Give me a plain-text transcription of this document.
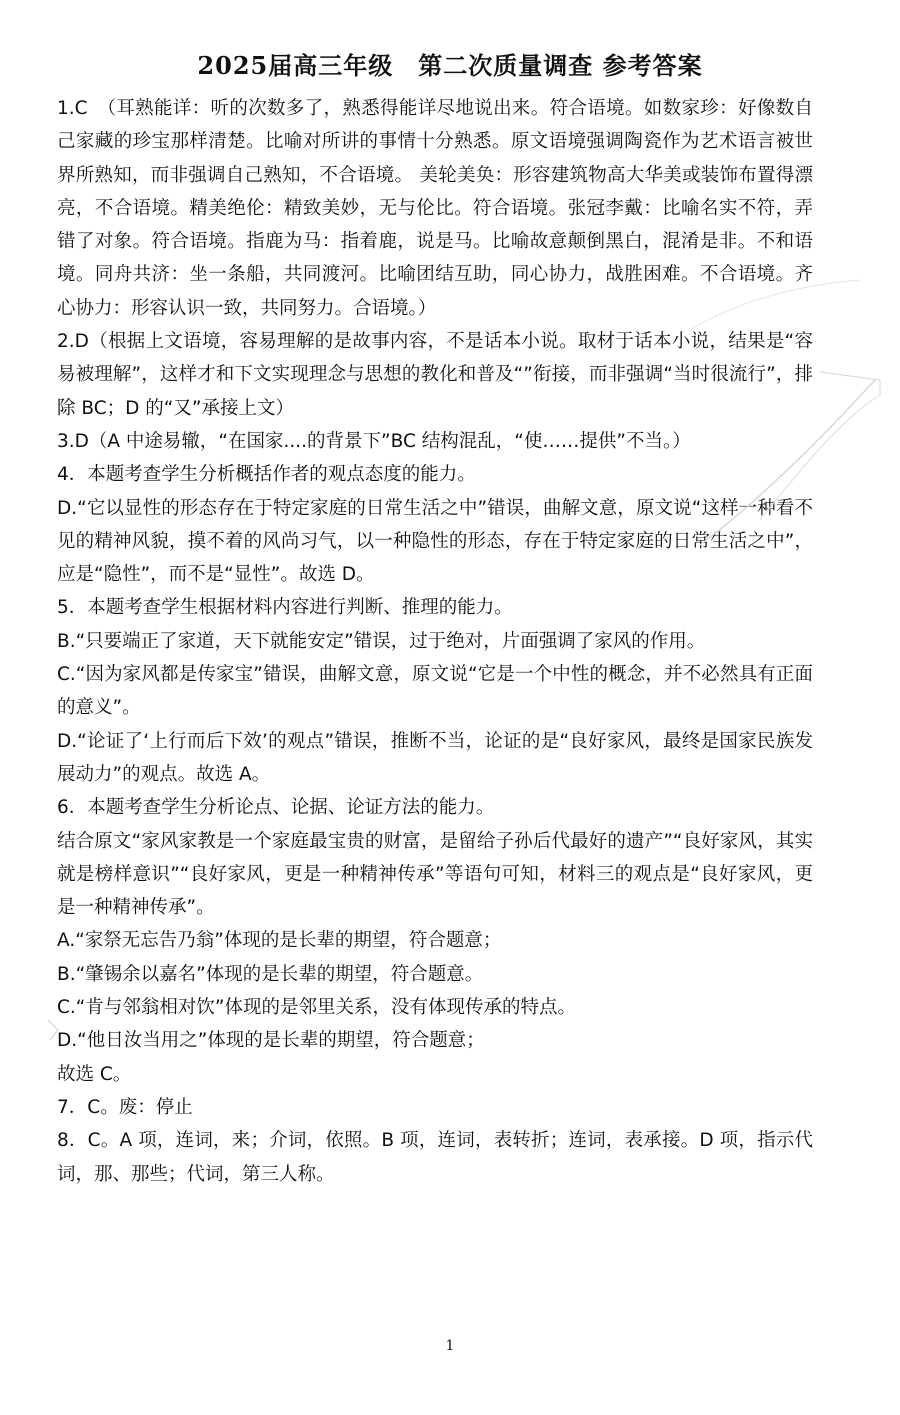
2025届高三年级　第二次质量调查 参考答案

1.C　（耳熟能详：听的次数多了，熟悉得能详尽地说出来。符合语境。如数家珍：好像数自己家藏的珍宝那样清楚。比喻对所讲的事情十分熟悉。原文语境强调陶瓷作为艺术语言被世界所熟知，而非强调自己熟知，不合语境。 美轮美奂：形容建筑物高大华美或装饰布置得漂亮，不合语境。精美绝伦：精致美妙，无与伦比。符合语境。张冠李戴：比喻名实不符，弄错了对象。符合语境。指鹿为马：指着鹿，说是马。比喻故意颠倒黑白，混淆是非。不和语境。同舟共济：坐一条船，共同渡河。比喻团结互助，同心协力，战胜困难。不合语境。齐心协力：形容认识一致，共同努力。合语境。）

2.D（根据上文语境，容易理解的是故事内容，不是话本小说。取材于话本小说，结果是“容易被理解”，这样才和下文实现理念与思想的教化和普及“”衔接，而非强调“当时很流行”，排除 BC；D 的“又”承接上文）

3.D（A 中途易辙，“在国家....的背景下”BC 结构混乱，“使……提供”不当。）

4．本题考查学生分析概括作者的观点态度的能力。

D.“它以显性的形态存在于特定家庭的日常生活之中”错误，曲解文意，原文说“这样一种看不见的精神风貌，摸不着的风尚习气，以一种隐性的形态，存在于特定家庭的日常生活之中”，应是“隐性”，而不是“显性”。故选 D。

5．本题考查学生根据材料内容进行判断、推理的能力。

B.“只要端正了家道，天下就能安定”错误，过于绝对，片面强调了家风的作用。

C.“因为家风都是传家宝”错误，曲解文意，原文说“它是一个中性的概念，并不必然具有正面的意义”。

D.“论证了‘上行而后下效’的观点”错误，推断不当，论证的是“良好家风，最终是国家民族发展动力”的观点。故选 A。

6．本题考查学生分析论点、论据、论证方法的能力。

结合原文“家风家教是一个家庭最宝贵的财富，是留给子孙后代最好的遗产”“良好家风，其实就是榜样意识”“良好家风，更是一种精神传承”等语句可知，材料三的观点是“良好家风，更是一种精神传承”。

A.“家祭无忘告乃翁”体现的是长辈的期望，符合题意；

B.“肇锡余以嘉名”体现的是长辈的期望，符合题意。

C.“肯与邻翁相对饮”体现的是邻里关系，没有体现传承的特点。

D.“他日汝当用之”体现的是长辈的期望，符合题意；

故选 C。

7．C。废：停止

8．C。A 项，连词，来；介词，依照。B 项，连词，表转折；连词，表承接。D 项，指示代词，那、那些；代词，第三人称。

1
